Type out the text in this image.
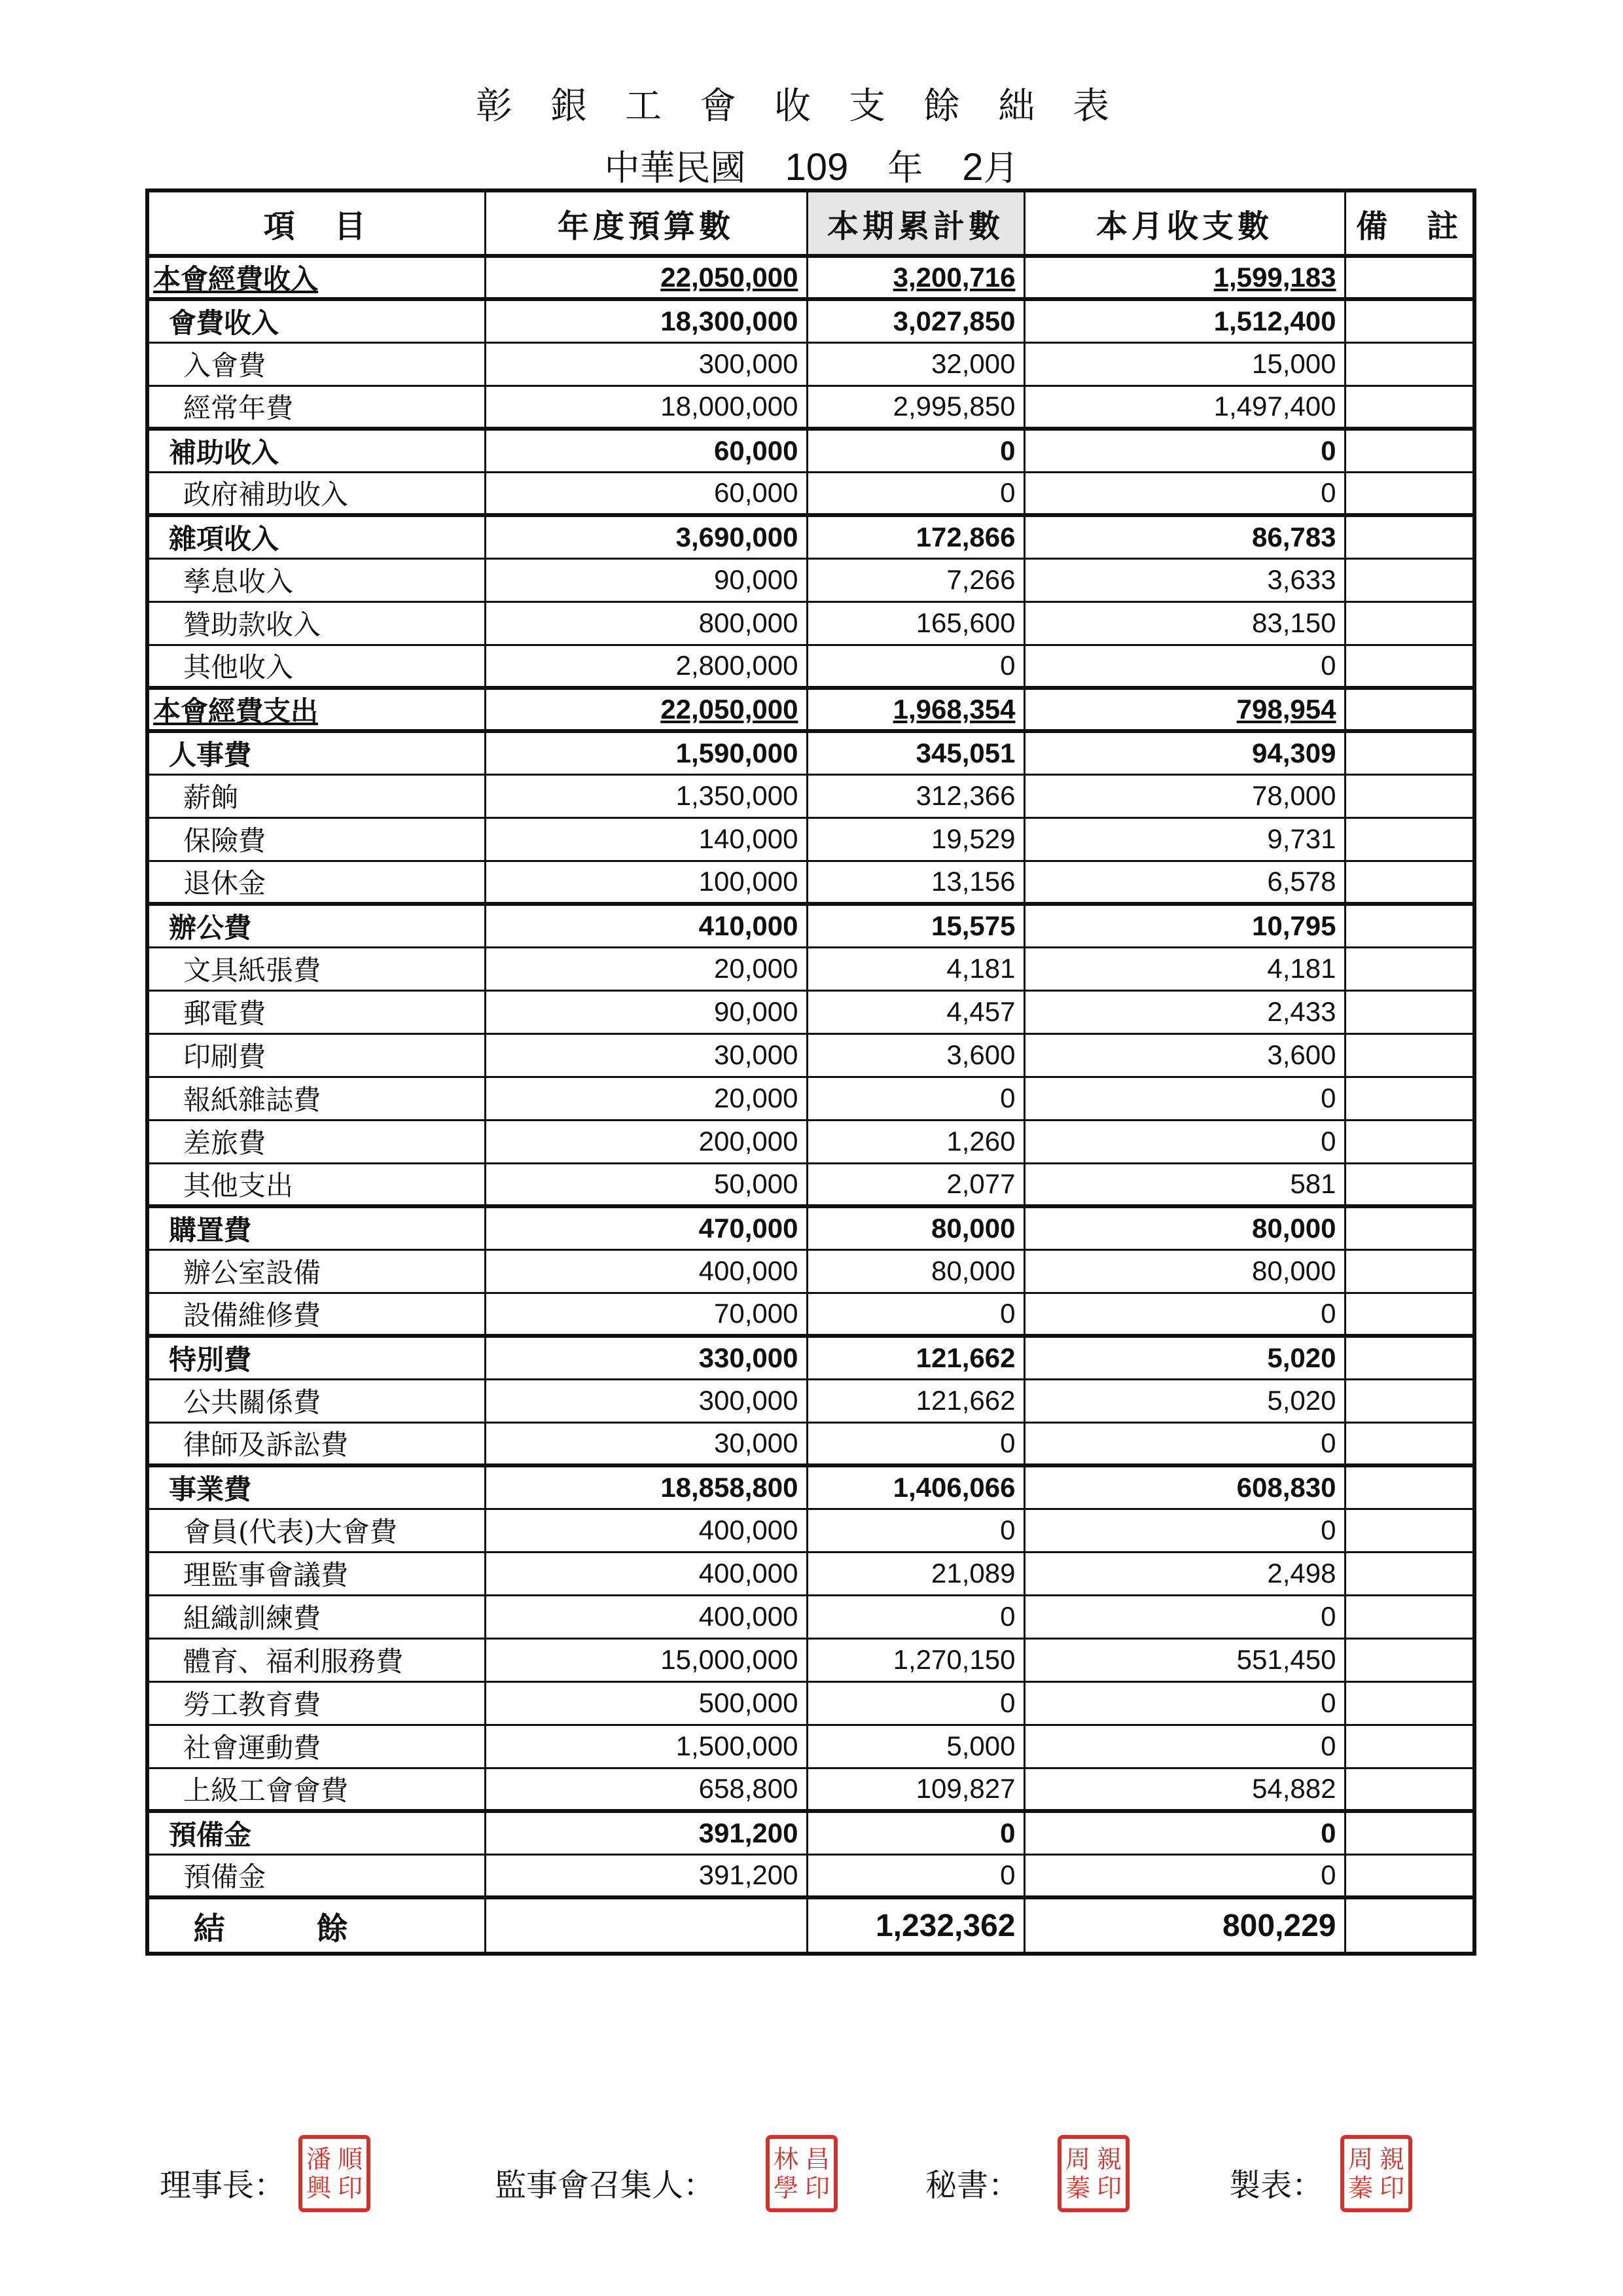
彰銀工會收支餘絀表
中華民國 109 年 2月
項　目	年度預算數	本期累計數	本月收支數	備　註
本會經費收入	22,050,000	3,200,716	1,599,183	
會費收入	18,300,000	3,027,850	1,512,400	
入會費	300,000	32,000	15,000	
經常年費	18,000,000	2,995,850	1,497,400	
補助收入	60,000	0	0	
政府補助收入	60,000	0	0	
雜項收入	3,690,000	172,866	86,783	
孳息收入	90,000	7,266	3,633	
贊助款收入	800,000	165,600	83,150	
其他收入	2,800,000	0	0	
本會經費支出	22,050,000	1,968,354	798,954	
人事費	1,590,000	345,051	94,309	
薪餉	1,350,000	312,366	78,000	
保險費	140,000	19,529	9,731	
退休金	100,000	13,156	6,578	
辦公費	410,000	15,575	10,795	
文具紙張費	20,000	4,181	4,181	
郵電費	90,000	4,457	2,433	
印刷費	30,000	3,600	3,600	
報紙雜誌費	20,000	0	0	
差旅費	200,000	1,260	0	
其他支出	50,000	2,077	581	
購置費	470,000	80,000	80,000	
辦公室設備	400,000	80,000	80,000	
設備維修費	70,000	0	0	
特別費	330,000	121,662	5,020	
公共關係費	300,000	121,662	5,020	
律師及訴訟費	30,000	0	0	
事業費	18,858,800	1,406,066	608,830	
會員(代表)大會費	400,000	0	0	
理監事會議費	400,000	21,089	2,498	
組織訓練費	400,000	0	0	
體育、福利服務費	15,000,000	1,270,150	551,450	
勞工教育費	500,000	0	0	
社會運動費	1,500,000	5,000	0	
上級工會會費	658,800	109,827	54,882	
預備金	391,200	0	0	
預備金	391,200	0	0	
結餘		1,232,362	800,229	
理事長：
潘 順
興 印	監事會召集人：
林 昌
學 印	秘書：
周 親
蓁 印	製表：
周 親
蓁 印
